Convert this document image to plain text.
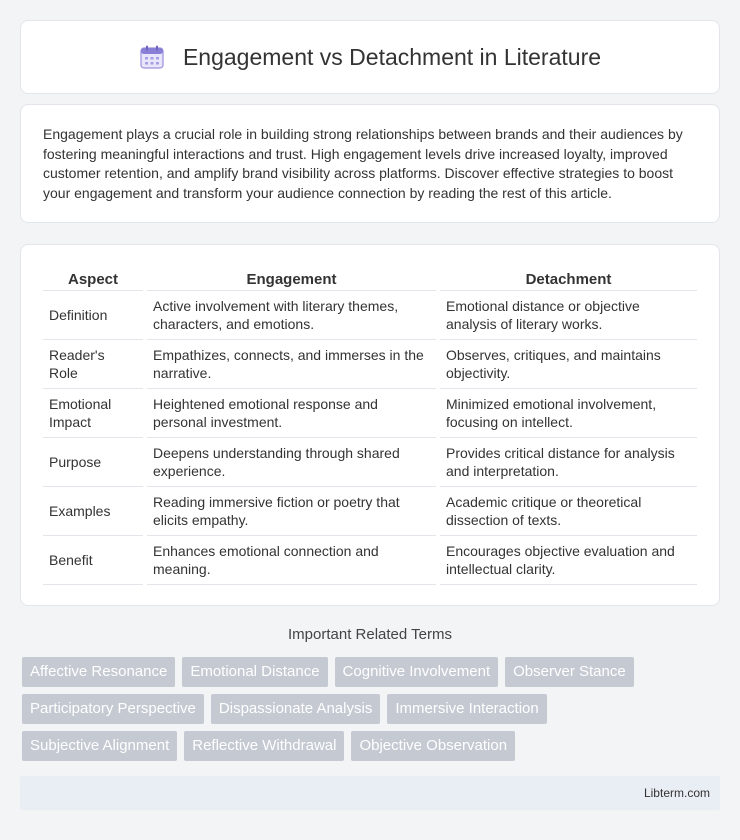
Engagement vs Detachment in Literature

Engagement plays a crucial role in building strong relationships between brands and their audiences by fostering meaningful interactions and trust. High engagement levels drive increased loyalty, improved customer retention, and amplify brand visibility across platforms. Discover effective strategies to boost your engagement and transform your audience connection by reading the rest of this article.

Aspect	Engagement	Detachment
Definition	Active involvement with literary themes, characters, and emotions.	Emotional distance or objective analysis of literary works.
Reader's Role	Empathizes, connects, and immerses in the narrative.	Observes, critiques, and maintains objectivity.
Emotional Impact	Heightened emotional response and personal investment.	Minimized emotional involvement, focusing on intellect.
Purpose	Deepens understanding through shared experience.	Provides critical distance for analysis and interpretation.
Examples	Reading immersive fiction or poetry that elicits empathy.	Academic critique or theoretical dissection of texts.
Benefit	Enhances emotional connection and meaning.	Encourages objective evaluation and intellectual clarity.
Important Related Terms
Affective Resonance	Emotional Distance	Cognitive Involvement	Observer Stance
Participatory Perspective	Dispassionate Analysis	Immersive Interaction
Subjective Alignment	Reflective Withdrawal	Objective Observation
Libterm.com
